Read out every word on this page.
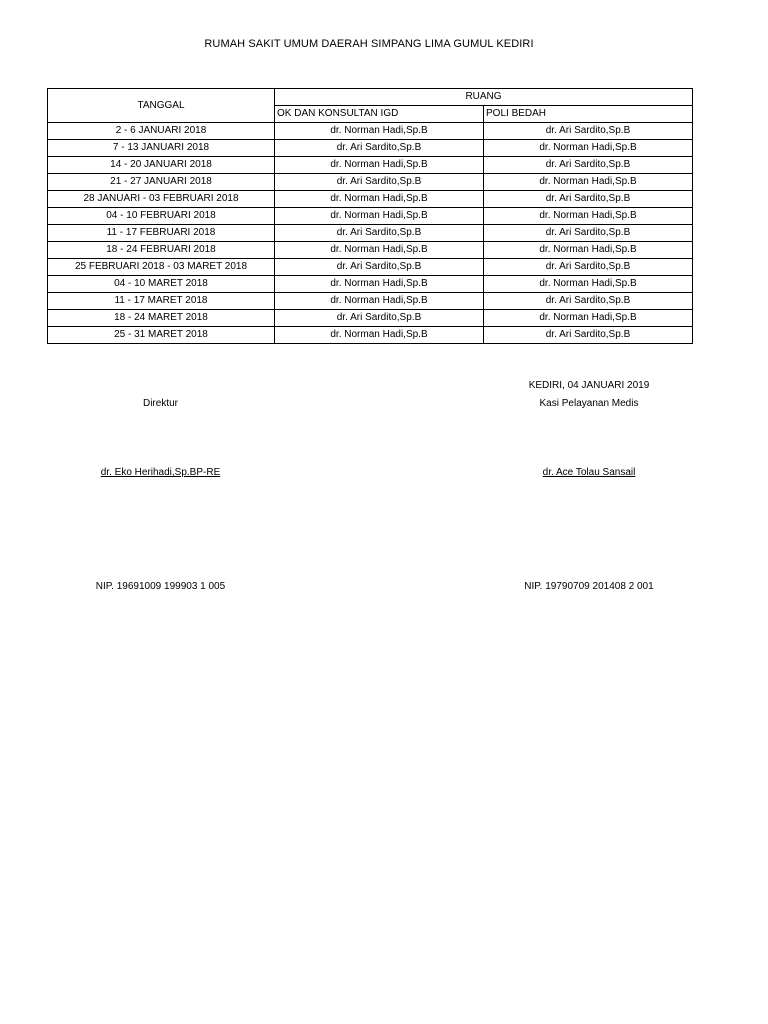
RUMAH SAKIT UMUM DAERAH SIMPANG LIMA GUMUL KEDIRI
TANGGAL	RUANG	
	OK DAN KONSULTAN IGD	POLI BEDAH
2 - 6 JANUARI 2018	dr. Norman Hadi,Sp.B	dr. Ari Sardito,Sp.B
7 - 13 JANUARI 2018	dr. Ari Sardito,Sp.B	dr. Norman Hadi,Sp.B
14 - 20 JANUARI 2018	dr. Norman Hadi,Sp.B	dr. Ari Sardito,Sp.B
21 - 27 JANUARI 2018	dr. Ari Sardito,Sp.B	dr. Norman Hadi,Sp.B
28 JANUARI - 03 FEBRUARI 2018	dr. Norman Hadi,Sp.B	dr. Ari Sardito,Sp.B
04 - 10 FEBRUARI 2018	dr. Norman Hadi,Sp.B	dr. Norman Hadi,Sp.B
11 - 17 FEBRUARI 2018	dr. Ari Sardito,Sp.B	dr. Ari Sardito,Sp.B
18 - 24 FEBRUARI 2018	dr. Norman Hadi,Sp.B	dr. Norman Hadi,Sp.B
25 FEBRUARI 2018 - 03 MARET 2018	dr. Ari Sardito,Sp.B	dr. Ari Sardito,Sp.B
04 - 10 MARET 2018	dr. Norman Hadi,Sp.B	dr. Norman Hadi,Sp.B
11 - 17 MARET 2018	dr. Norman Hadi,Sp.B	dr. Ari Sardito,Sp.B
18 - 24 MARET 2018	dr. Ari Sardito,Sp.B	dr. Norman Hadi,Sp.B
25 - 31 MARET 2018	dr. Norman Hadi,Sp.B	dr. Ari Sardito,Sp.B
KEDIRI, 04 JANUARI 2019
Direktur	Kasi Pelayanan Medis
dr. Eko Herihadi,Sp.BP-RE	dr. Ace Tolau Sansail
NIP. 19691009 199903 1 005	NIP. 19790709 201408 2 001
